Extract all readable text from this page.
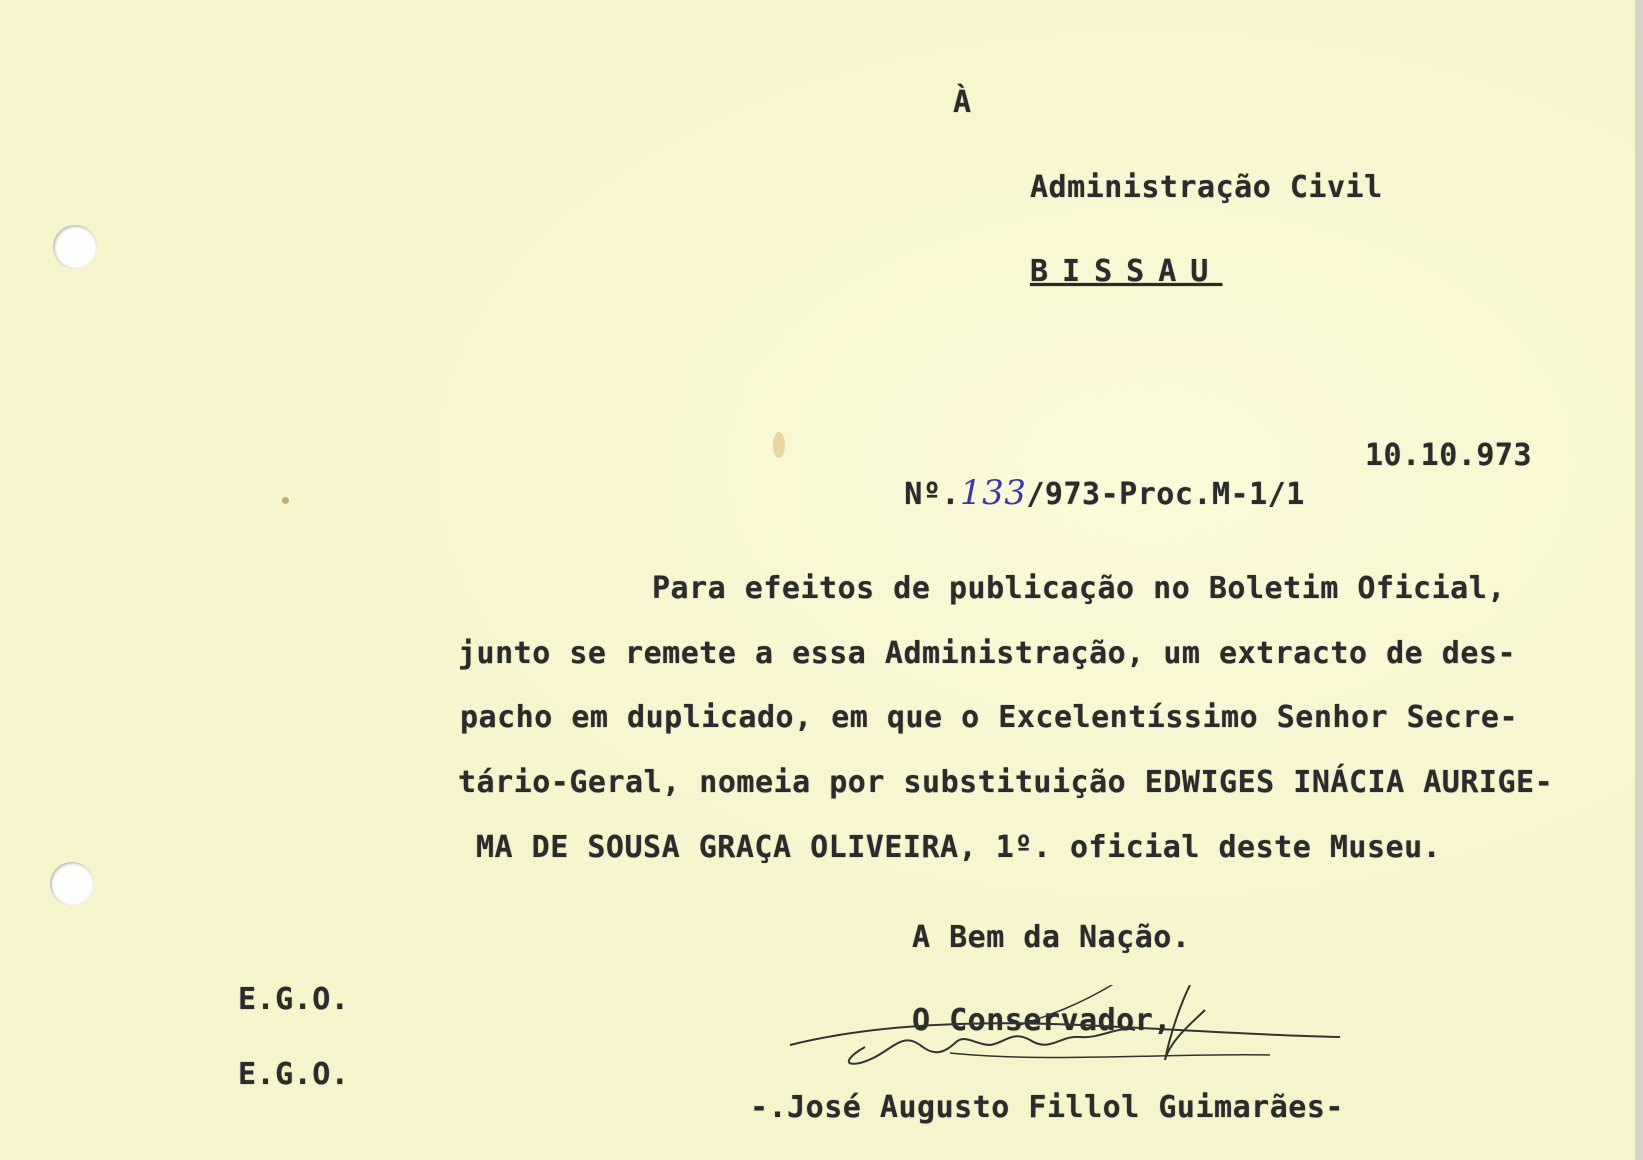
À
Administração Civil
BISSAU

Nº.133/973-Proc.M-1/1

10.10.973
Para efeitos de publicação no Boletim Oficial,
junto se remete a essa Administração, um extracto de des-
pacho em duplicado, em que o Excelentíssimo Senhor Secre-
tário-Geral, nomeia por substituição EDWIGES INÁCIA AURIGE-
MA DE SOUSA GRAÇA OLIVEIRA, 1º. oficial deste Museu.
A Bem da Nação.
E.G.O.
E.G.O.
O Conservador,
-.José Augusto Fillol Guimarães-
